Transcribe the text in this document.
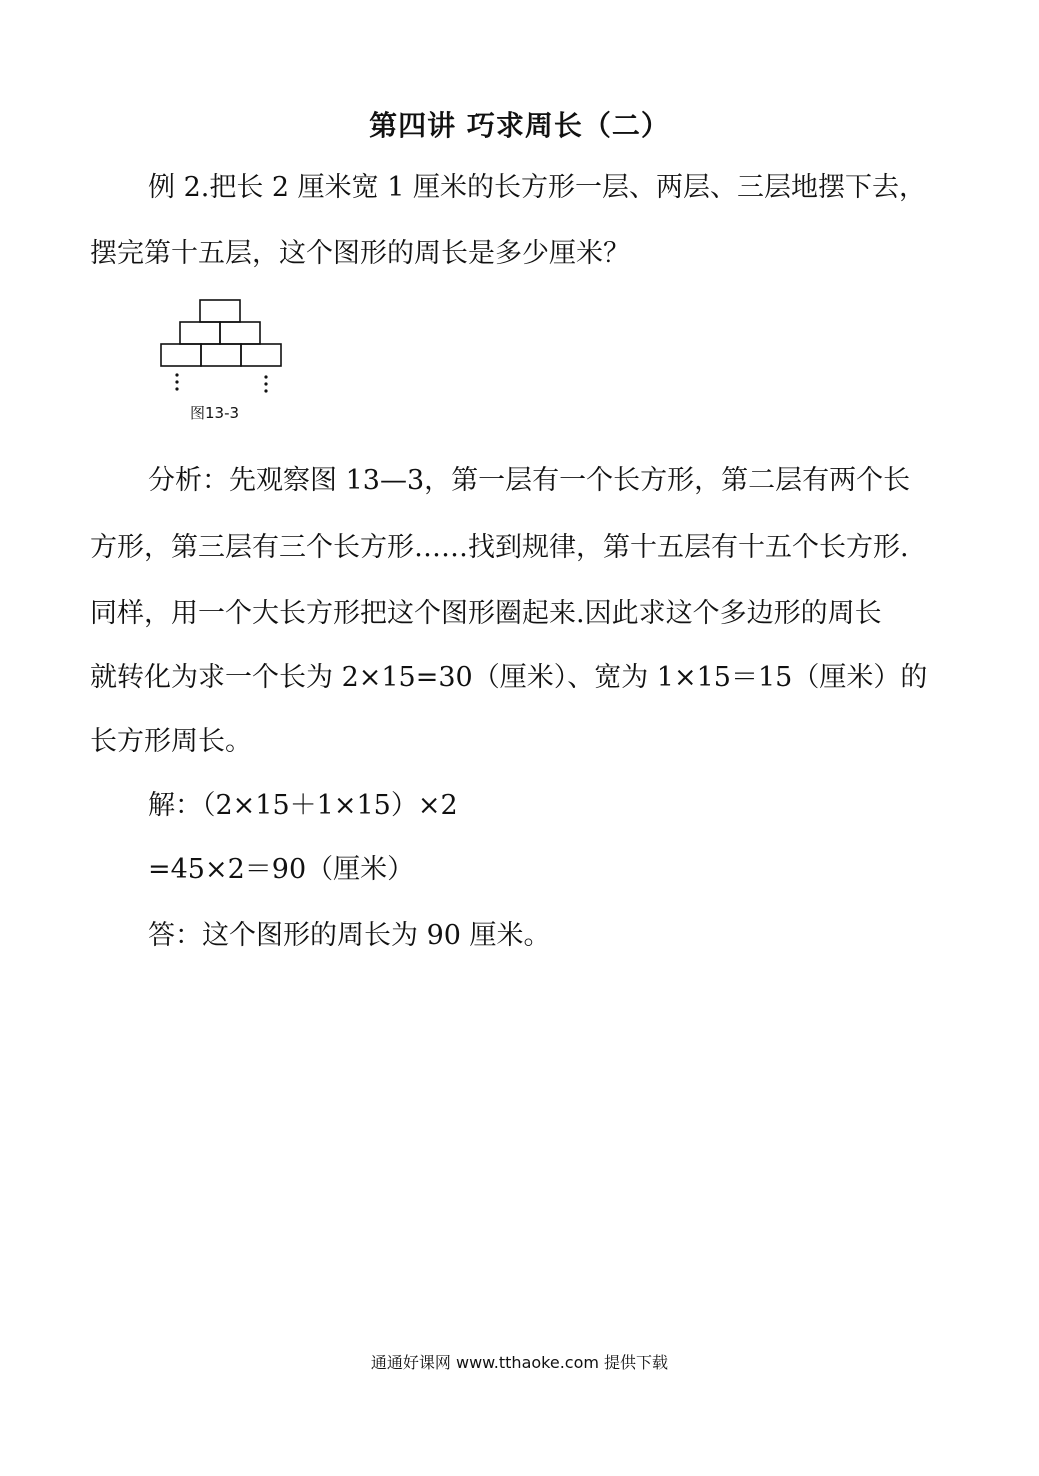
第四讲 巧求周长（二）
例 2.把长 2 厘米宽 1 厘米的长方形一层、两层、三层地摆下去，
摆完第十五层，这个图形的周长是多少厘米？
图13-3
分析：先观察图 13—3，第一层有一个长方形，第二层有两个长
方形，第三层有三个长方形……找到规律，第十五层有十五个长方形.
同样，用一个大长方形把这个图形圈起来.因此求这个多边形的周长
就转化为求一个长为 2×15=30（厘米）、宽为 1×15＝15（厘米）的
长方形周长。
解：（2×15＋1×15）×2
=45×2＝90（厘米）
答：这个图形的周长为 90 厘米。
通通好课网 www.tthaoke.com 提供下载
